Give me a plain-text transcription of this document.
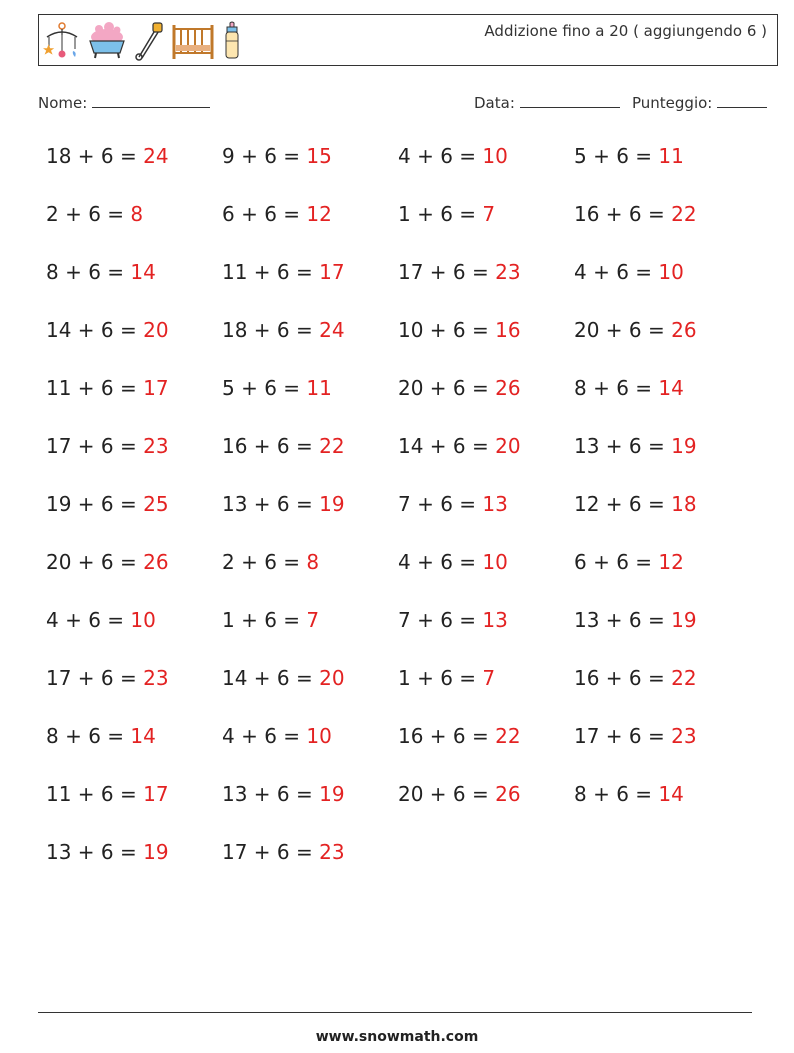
Addizione fino a 20 ( aggiungendo 6 )
Nome:	Data:	Punteggio:
18 + 6 = 24	9 + 6 = 15	4 + 6 = 10	5 + 6 = 11
2 + 6 = 8	6 + 6 = 12	1 + 6 = 7	16 + 6 = 22
8 + 6 = 14	11 + 6 = 17	17 + 6 = 23	4 + 6 = 10
14 + 6 = 20	18 + 6 = 24	10 + 6 = 16	20 + 6 = 26
11 + 6 = 17	5 + 6 = 11	20 + 6 = 26	8 + 6 = 14
17 + 6 = 23	16 + 6 = 22	14 + 6 = 20	13 + 6 = 19
19 + 6 = 25	13 + 6 = 19	7 + 6 = 13	12 + 6 = 18
20 + 6 = 26	2 + 6 = 8	4 + 6 = 10	6 + 6 = 12
4 + 6 = 10	1 + 6 = 7	7 + 6 = 13	13 + 6 = 19
17 + 6 = 23	14 + 6 = 20	1 + 6 = 7	16 + 6 = 22
8 + 6 = 14	4 + 6 = 10	16 + 6 = 22	17 + 6 = 23
11 + 6 = 17	13 + 6 = 19	20 + 6 = 26	8 + 6 = 14
13 + 6 = 19	17 + 6 = 23
www.snowmath.com
